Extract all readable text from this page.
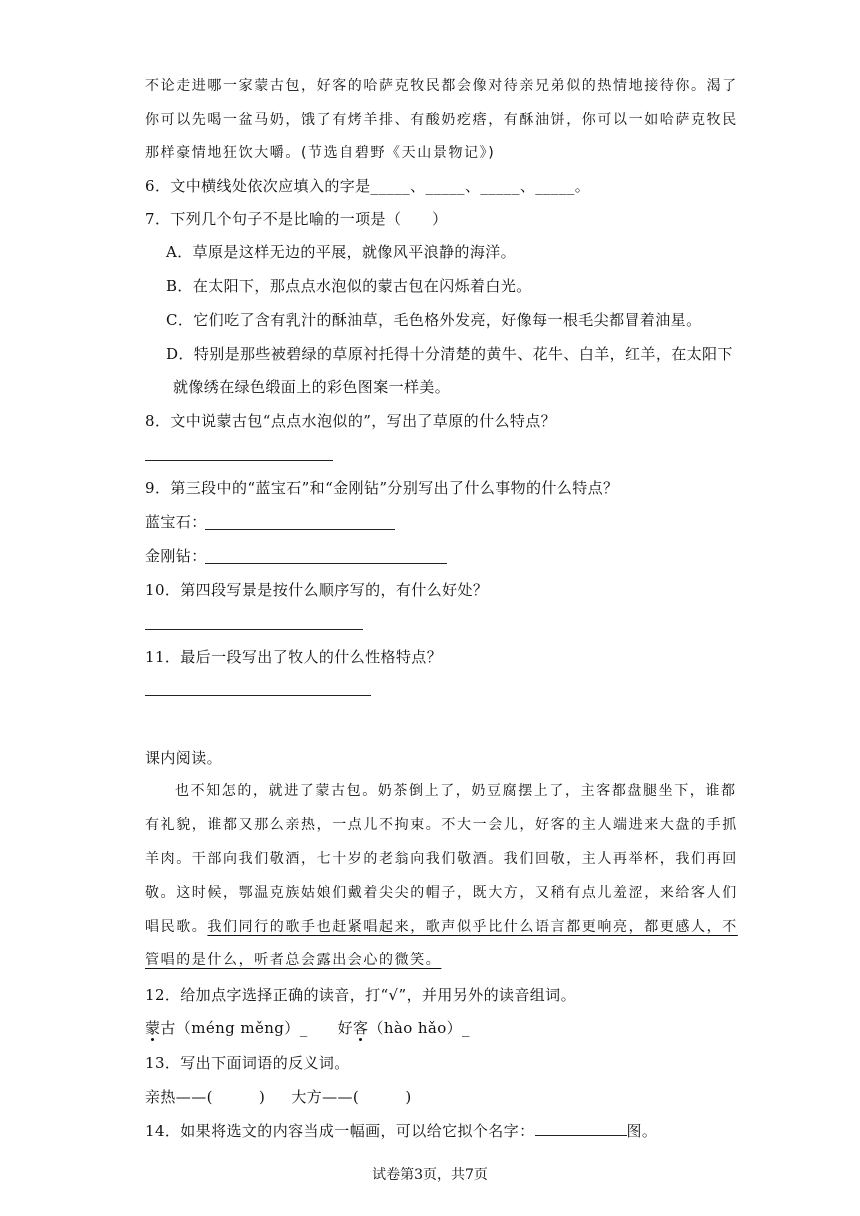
不论走进哪一家蒙古包，好客的哈萨克牧民都会像对待亲兄弟似的热情地接待你。渴了
你可以先喝一盆马奶，饿了有烤羊排、有酸奶疙瘩，有酥油饼，你可以一如哈萨克牧民
那样豪情地狂饮大嚼。(节选自碧野《天山景物记》)
6．文中横线处依次应填入的字是_____、_____、_____、_____。
7．下列几个句子不是比喻的一项是（　　）
A．草原是这样无边的平展，就像风平浪静的海洋。
B．在太阳下，那点点水泡似的蒙古包在闪烁着白光。
C．它们吃了含有乳汁的酥油草，毛色格外发亮，好像每一根毛尖都冒着油星。
D．特别是那些被碧绿的草原衬托得十分清楚的黄牛、花牛、白羊，红羊，在太阳下
就像绣在绿色缎面上的彩色图案一样美。
8．文中说蒙古包“点点水泡似的”，写出了草原的什么特点？
9．第三段中的“蓝宝石”和“金刚钻”分别写出了什么事物的什么特点？
蓝宝石：
金刚钻：
10．第四段写景是按什么顺序写的，有什么好处？
11．最后一段写出了牧人的什么性格特点？
课内阅读。
也不知怎的，就进了蒙古包。奶茶倒上了，奶豆腐摆上了，主客都盘腿坐下，谁都
有礼貌，谁都又那么亲热，一点儿不拘束。不大一会儿，好客的主人端进来大盘的手抓
羊肉。干部向我们敬酒，七十岁的老翁向我们敬酒。我们回敬，主人再举杯，我们再回
敬。这时候，鄂温克族姑娘们戴着尖尖的帽子，既大方，又稍有点儿羞涩，来给客人们
唱民歌。我们同行的歌手也赶紧唱起来，歌声似乎比什么语言都更响亮，都更感人，不
管唱的是什么，听者总会露出会心的微笑。
12．给加点字选择正确的读音，打“√”，并用另外的读音组词。
蒙古（méng měng）_ 好客（hào hǎo）_
13．写出下面词语的反义词。
亲热——(　　　) 大方——(　　　)
14．如果将选文的内容当成一幅画，可以给它拟个名字：	图。
试卷第3页，共7页
